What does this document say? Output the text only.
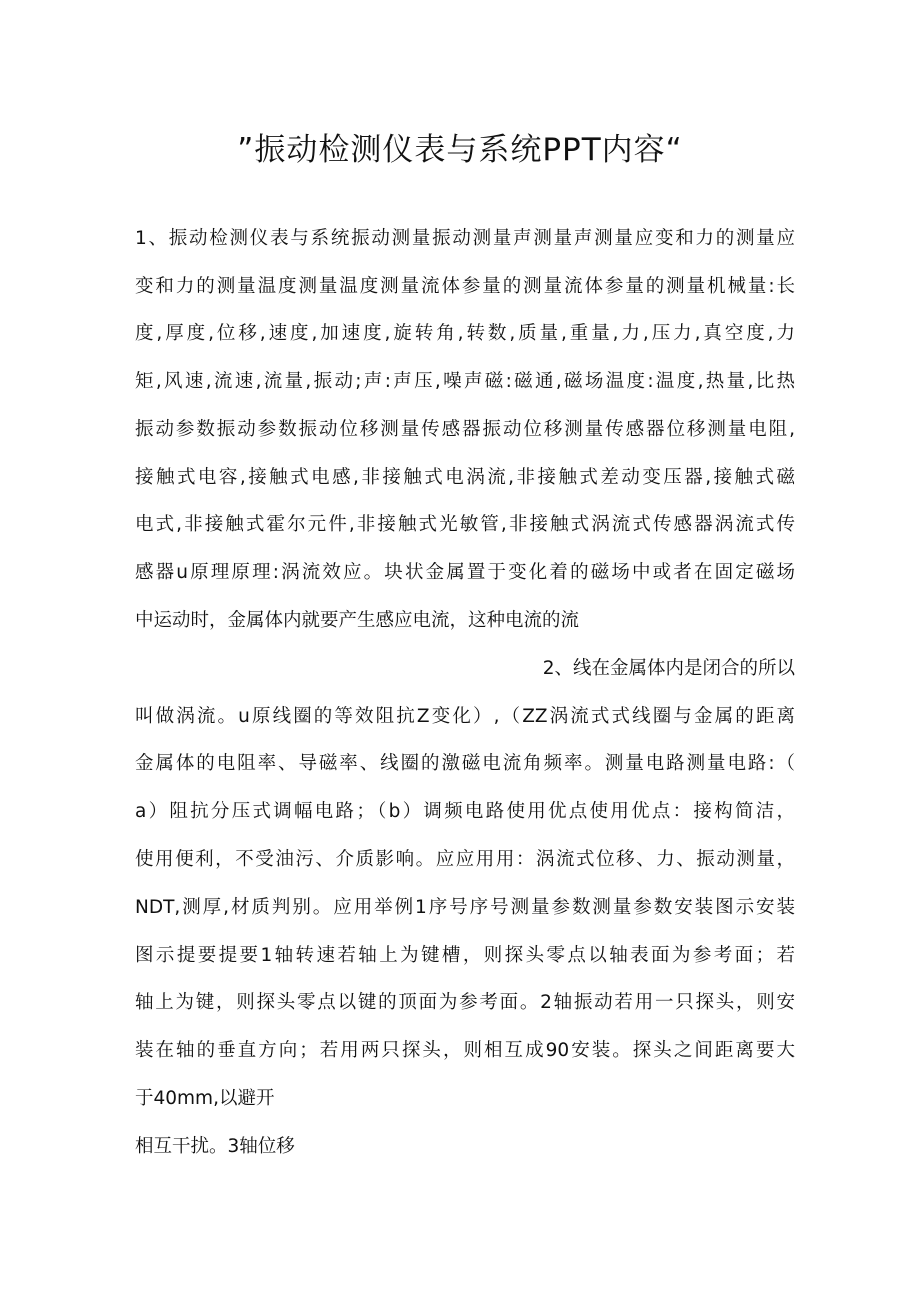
”振动检测仪表与系统PPT内容“
1、振动检测仪表与系统振动测量振动测量声测量声测量应变和力的测量应
变和力的测量温度测量温度测量流体参量的测量流体参量的测量机械量:长
度,厚度,位移,速度,加速度,旋转角,转数,质量,重量,力,压力,真空度,力
矩,风速,流速,流量,振动;声:声压,噪声磁:磁通,磁场温度:温度,热量,比热
振动参数振动参数振动位移测量传感器振动位移测量传感器位移测量电阻,
接触式电容,接触式电感,非接触式电涡流,非接触式差动变压器,接触式磁
电式,非接触式霍尔元件,非接触式光敏管,非接触式涡流式传感器涡流式传
感器u原理原理:涡流效应。块状金属置于变化着的磁场中或者在固定磁场
中运动时，金属体内就要产生感应电流，这种电流的流
2、线在金属体内是闭合的所以
叫做涡流。u原线圈的等效阻抗Z变化）,（ZZ涡流式式线圈与金属的距离
金属体的电阻率、导磁率、线圈的激磁电流角频率。测量电路测量电路:（
a）阻抗分压式调幅电路；（b）调频电路使用优点使用优点：接构简洁，
使用便利，不受油污、介质影响。应应用用：涡流式位移、力、振动测量，
NDT,测厚,材质判别。应用举例1序号序号测量参数测量参数安装图示安装
图示提要提要1轴转速若轴上为键槽，则探头零点以轴表面为参考面；若
轴上为键，则探头零点以键的顶面为参考面。2轴振动若用一只探头，则安
装在轴的垂直方向；若用两只探头，则相互成90安装。探头之间距离要大
于40mm,以避开
相互干扰。3轴位移
